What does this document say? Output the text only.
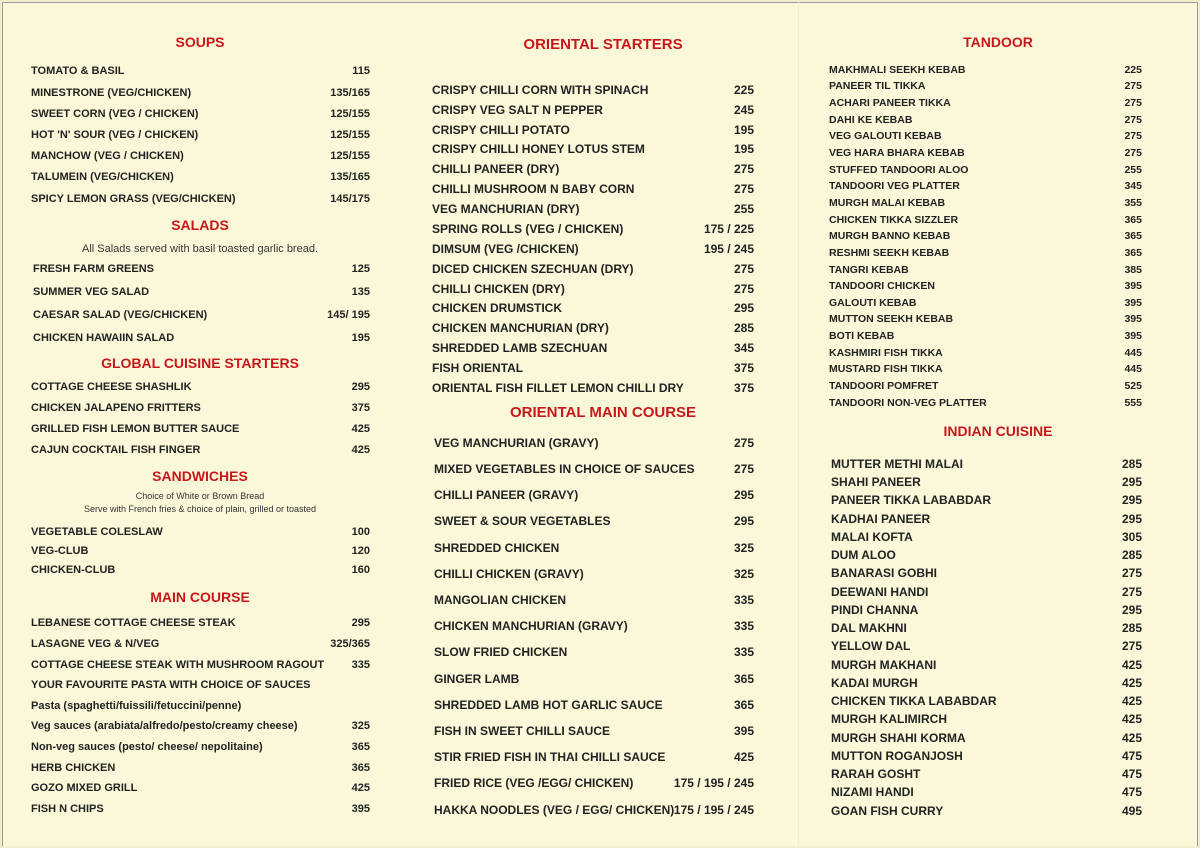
SOUPS
TOMATO & BASIL	115
MINESTRONE (VEG/CHICKEN)	135/165
SWEET CORN (VEG / CHICKEN)	125/155
HOT 'N' SOUR (VEG / CHICKEN)	125/155
MANCHOW (VEG / CHICKEN)	125/155
TALUMEIN (VEG/CHICKEN)	135/165
SPICY LEMON GRASS (VEG/CHICKEN)	145/175
SALADS
All Salads served with basil toasted garlic bread.
FRESH FARM GREENS	125
SUMMER VEG SALAD	135
CAESAR SALAD (VEG/CHICKEN)	145/ 195
CHICKEN HAWAIIN SALAD	195
GLOBAL CUISINE STARTERS
COTTAGE CHEESE SHASHLIK	295
CHICKEN JALAPENO FRITTERS	375
GRILLED FISH LEMON BUTTER SAUCE	425
CAJUN COCKTAIL FISH FINGER	425
SANDWICHES
Choice of White or Brown Bread
Serve with French fries & choice of plain, grilled or toasted
VEGETABLE COLESLAW	100
VEG-CLUB	120
CHICKEN-CLUB	160
MAIN COURSE
LEBANESE COTTAGE CHEESE STEAK	295
LASAGNE VEG & N/VEG	325/365
COTTAGE CHEESE STEAK WITH MUSHROOM RAGOUT	335
YOUR FAVOURITE PASTA WITH CHOICE OF SAUCES
Pasta (spaghetti/fuissili/fetuccini/penne)
Veg sauces (arabiata/alfredo/pesto/creamy cheese)	325
Non-veg sauces (pesto/ cheese/ nepolitaine)	365
HERB CHICKEN	365
GOZO MIXED GRILL	425
FISH N CHIPS	395
ORIENTAL STARTERS
CRISPY CHILLI CORN WITH SPINACH	225
CRISPY VEG SALT N PEPPER	245
CRISPY CHILLI POTATO	195
CRISPY CHILLI HONEY LOTUS STEM	195
CHILLI PANEER (DRY)	275
CHILLI MUSHROOM N BABY CORN	275
VEG MANCHURIAN (DRY)	255
SPRING ROLLS (VEG / CHICKEN)	175 / 225
DIMSUM (VEG /CHICKEN)	195 / 245
DICED CHICKEN SZECHUAN (DRY)	275
CHILLI CHICKEN (DRY)	275
CHICKEN DRUMSTICK	295
CHICKEN MANCHURIAN (DRY)	285
SHREDDED LAMB SZECHUAN	345
FISH ORIENTAL	375
ORIENTAL FISH FILLET LEMON CHILLI DRY	375
ORIENTAL MAIN COURSE
VEG MANCHURIAN (GRAVY)	275
MIXED VEGETABLES IN CHOICE OF SAUCES	275
CHILLI PANEER (GRAVY)	295
SWEET & SOUR VEGETABLES	295
SHREDDED CHICKEN	325
CHILLI CHICKEN (GRAVY)	325
MANGOLIAN CHICKEN	335
CHICKEN MANCHURIAN (GRAVY)	335
SLOW FRIED CHICKEN	335
GINGER LAMB	365
SHREDDED LAMB HOT GARLIC SAUCE	365
FISH IN SWEET CHILLI SAUCE	395
STIR FRIED FISH IN THAI CHILLI SAUCE	425
FRIED RICE (VEG /EGG/ CHICKEN)	175 / 195 / 245
HAKKA NOODLES (VEG / EGG/ CHICKEN) 175 / 195 / 245
TANDOOR
MAKHMALI SEEKH KEBAB	225
PANEER TIL TIKKA	275
ACHARI PANEER TIKKA	275
DAHI KE KEBAB	275
VEG GALOUTI KEBAB	275
VEG HARA BHARA KEBAB	275
STUFFED TANDOORI ALOO	255
TANDOORI VEG PLATTER	345
MURGH MALAI KEBAB	355
CHICKEN TIKKA SIZZLER	365
MURGH BANNO KEBAB	365
RESHMI SEEKH KEBAB	365
TANGRI KEBAB	385
TANDOORI CHICKEN	395
GALOUTI KEBAB	395
MUTTON SEEKH KEBAB	395
BOTI KEBAB	395
KASHMIRI FISH TIKKA	445
MUSTARD FISH TIKKA	445
TANDOORI POMFRET	525
TANDOORI NON-VEG PLATTER	555
INDIAN CUISINE
MUTTER METHI MALAI	285
SHAHI PANEER	295
PANEER TIKKA LABABDAR	295
KADHAI PANEER	295
MALAI KOFTA	305
DUM ALOO	285
BANARASI GOBHI	275
DEEWANI HANDI	275
PINDI CHANNA	295
DAL MAKHNI	285
YELLOW DAL	275
MURGH MAKHANI	425
KADAI MURGH	425
CHICKEN TIKKA LABABDAR	425
MURGH KALIMIRCH	425
MURGH SHAHI KORMA	425
MUTTON ROGANJOSH	475
RARAH GOSHT	475
NIZAMI HANDI	475
GOAN FISH CURRY	495
